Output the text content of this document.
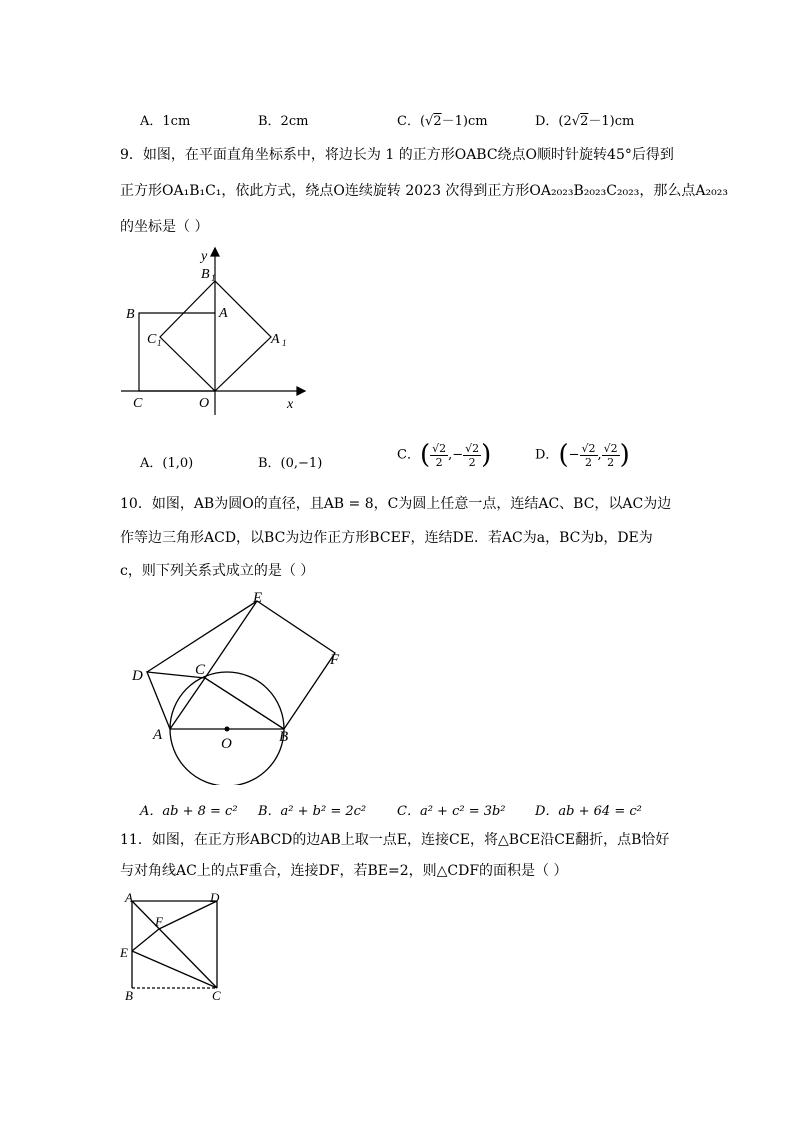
A．1cm	B．2cm	C．(√2－1)cm	D．(2√2－1)cm
9．如图，在平面直角坐标系中，将边长为 1 的正方形OABC绕点O顺时针旋转45°后得到
正方形OA₁B₁C₁，依此方式，绕点O连续旋转 2023 次得到正方形OA₂₀₂₃B₂₀₂₃C₂₀₂₃，那么点A₂₀₂₃
的坐标是（ ）
y
B 1
A
B
C 1	A 1
C	O	x
A．(1,0)	B．(0,−1)
C．( $\frac{√2}{2}$ ,− $\frac{√2}{2}$ )	D．(− $\frac{√2}{2}$ , $\frac{√2}{2}$ )
10．如图，AB为圆O的直径，且AB = 8，C为圆上任意一点，连结AC、BC，以AC为边
作等边三角形ACD，以BC为边作正方形BCEF，连结DE．若AC为a，BC为b，DE为
c，则下列关系式成立的是（ ）
E
F
D	C
A
O	B
A．ab + 8 = c² B．a² + b² = 2c² C．a² + c² = 3b² D．ab + 64 = c²
11．如图，在正方形ABCD的边AB上取一点E，连接CE，将△BCE沿CE翻折，点B恰好
与对角线AC上的点F重合，连接DF，若BE=2，则△CDF的面积是（ ）
A	D
F
E
B	C
